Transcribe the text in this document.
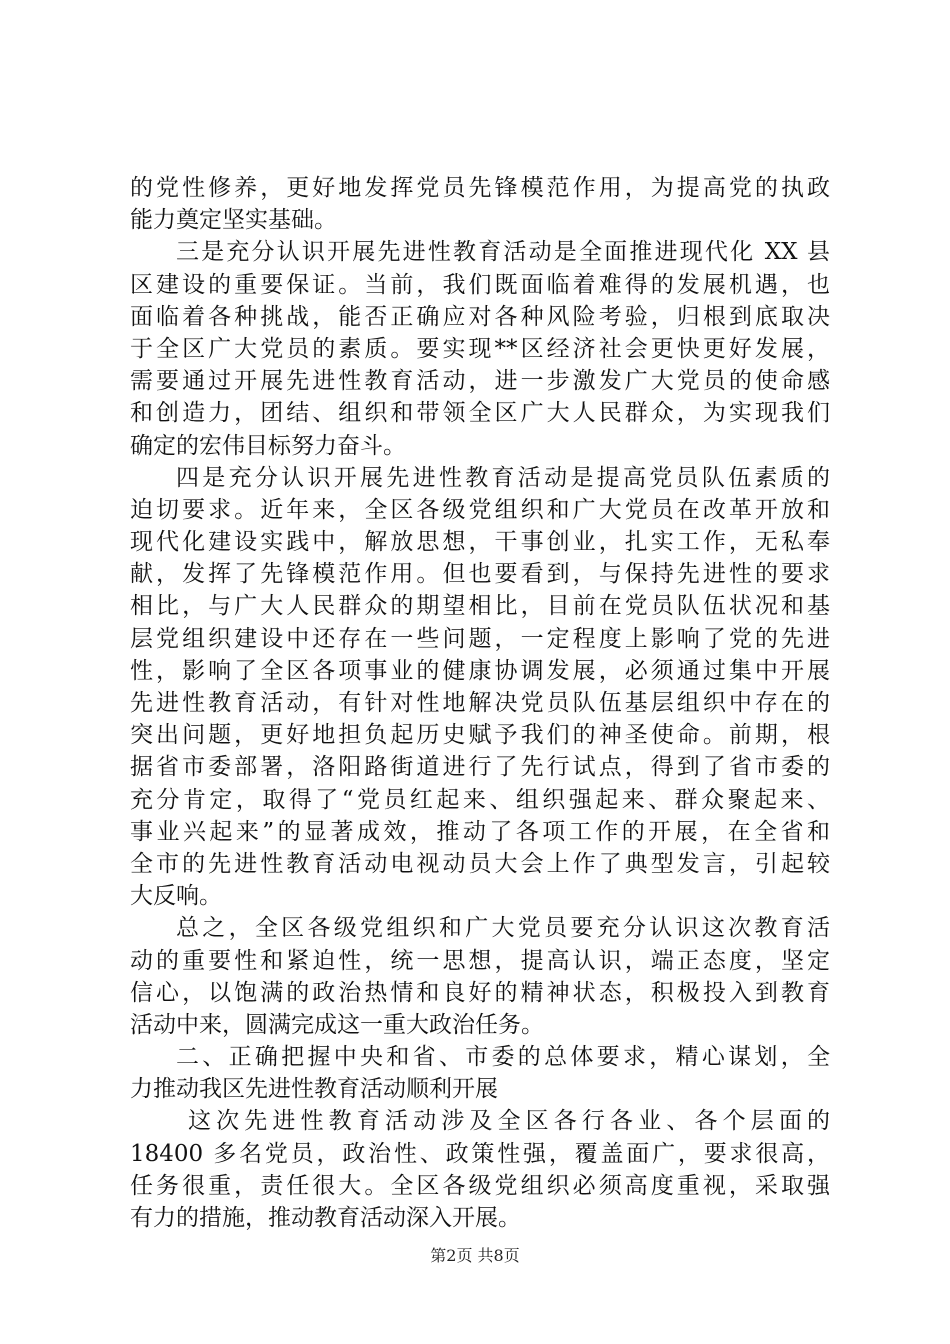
的党性修养，更好地发挥党员先锋模范作用，为提高党的执政
能力奠定坚实基础。
三是充分认识开展先进性教育活动是全面推进现代化 XX 县
区建设的重要保证。当前，我们既面临着难得的发展机遇，也
面临着各种挑战，能否正确应对各种风险考验，归根到底取决
于全区广大党员的素质。要实现**区经济社会更快更好发展，
需要通过开展先进性教育活动，进一步激发广大党员的使命感
和创造力，团结、组织和带领全区广大人民群众，为实现我们
确定的宏伟目标努力奋斗。
四是充分认识开展先进性教育活动是提高党员队伍素质的
迫切要求。近年来，全区各级党组织和广大党员在改革开放和
现代化建设实践中，解放思想，干事创业，扎实工作，无私奉
献，发挥了先锋模范作用。但也要看到，与保持先进性的要求
相比，与广大人民群众的期望相比，目前在党员队伍状况和基
层党组织建设中还存在一些问题，一定程度上影响了党的先进
性，影响了全区各项事业的健康协调发展，必须通过集中开展
先进性教育活动，有针对性地解决党员队伍基层组织中存在的
突出问题，更好地担负起历史赋予我们的神圣使命。前期，根
据省市委部署，洛阳路街道进行了先行试点，得到了省市委的
充分肯定，取得了“党员红起来、组织强起来、群众聚起来、
事业兴起来”的显著成效，推动了各项工作的开展，在全省和
全市的先进性教育活动电视动员大会上作了典型发言，引起较
大反响。
总之，全区各级党组织和广大党员要充分认识这次教育活
动的重要性和紧迫性，统一思想，提高认识，端正态度，坚定
信心，以饱满的政治热情和良好的精神状态，积极投入到教育
活动中来，圆满完成这一重大政治任务。
二、正确把握中央和省、市委的总体要求，精心谋划，全
力推动我区先进性教育活动顺利开展
这次先进性教育活动涉及全区各行各业、各个层面的
18400 多名党员，政治性、政策性强，覆盖面广，要求很高，
任务很重，责任很大。全区各级党组织必须高度重视，采取强
有力的措施，推动教育活动深入开展。
第2页 共8页
